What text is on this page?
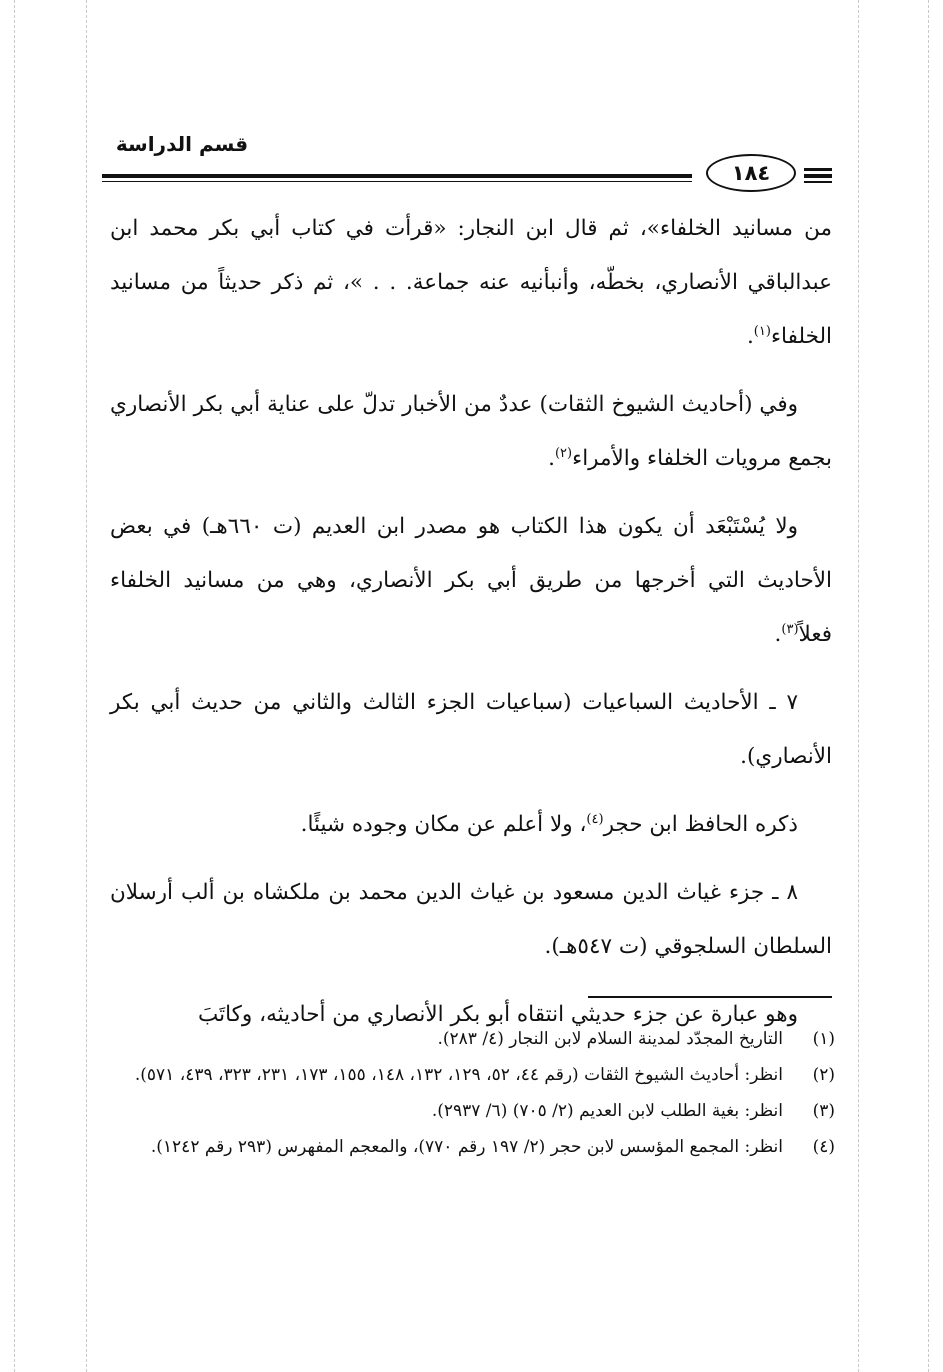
قسم الدراسة
١٨٤

من مسانيد الخلفاء»، ثم قال ابن النجار: «قرأت في كتاب أبي بكر محمد ابن عبدالباقي الأنصاري، بخطّه، وأنبأنيه عنه جماعة. . . »، ثم ذكر حديثاً من مسانيد الخلفاء$^{(١)}$.

وفي (أحاديث الشيوخ الثقات) عددٌ من الأخبار تدلّ على عناية أبي بكر الأنصاري بجمع مرويات الخلفاء والأمراء$^{(٢)}$.

ولا يُسْتَبْعَد أن يكون هذا الكتاب هو مصدر ابن العديم (ت ٦٦٠هـ) في بعض الأحاديث التي أخرجها من طريق أبي بكر الأنصاري، وهي من مسانيد الخلفاء فعلاً$^{(٣)}$.

٧ ـ الأحاديث السباعيات (سباعيات الجزء الثالث والثاني من حديث أبي بكر الأنصاري).

ذكره الحافظ ابن حجر$^{(٤)}$، ولا أعلم عن مكان وجوده شيئًا.

٨ ـ جزء غياث الدين مسعود بن غياث الدين محمد بن ملكشاه بن ألب أرسلان السلطان السلجوقي (ت ٥٤٧هـ).

وهو عبارة عن جزء حديثي انتقاه أبو بكر الأنصاري من أحاديثه، وكاتَبَ

(١)
التاريخ المجدّد لمدينة السلام لابن النجار (٤/ ٢٨٣).
(٢)
انظر: أحاديث الشيوخ الثقات (رقم ٤٤، ٥٢، ١٢٩، ١٣٢، ١٤٨، ١٥٥، ١٧٣، ٢٣١، ٣٢٣، ٤٣٩، ٥٧١).
(٣)
انظر: بغية الطلب لابن العديم (٢/ ٧٠٥) (٦/ ٢٩٣٧).
(٤)
انظر: المجمع المؤسس لابن حجر (٢/ ١٩٧ رقم ٧٧٠)، والمعجم المفهرس (٢٩٣ رقم ١٢٤٢).
